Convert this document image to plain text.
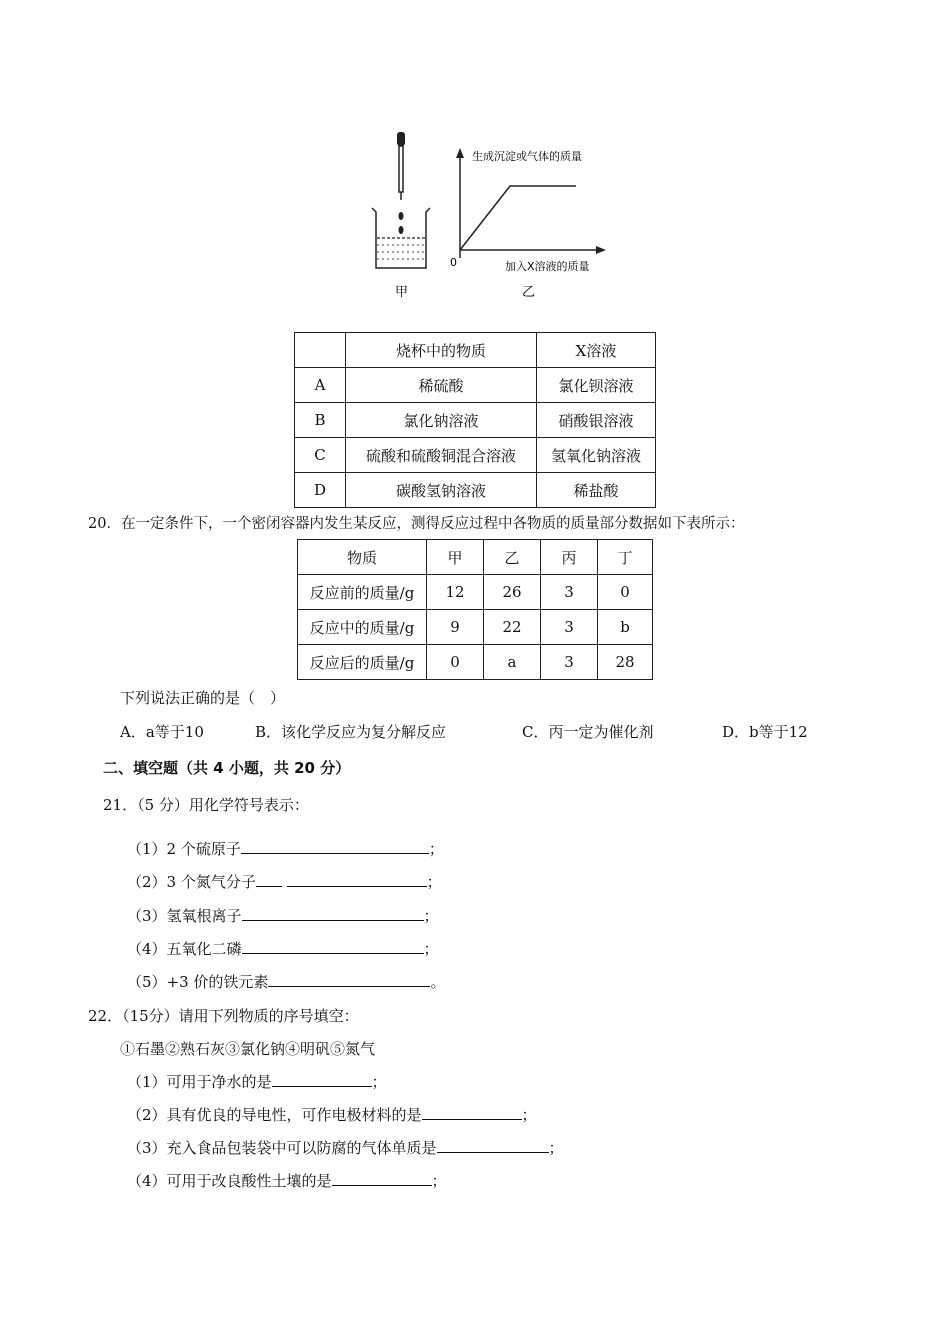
甲
生成沉淀或气体的质量
0	加入X溶液的质量
乙
	烧杯中的物质	X溶液
A	稀硫酸	氯化钡溶液
B	氯化钠溶液	硝酸银溶液
C	硫酸和硫酸铜混合溶液	氢氧化钠溶液
D	碳酸氢钠溶液	稀盐酸
20．在一定条件下，一个密闭容器内发生某反应，测得反应过程中各物质的质量部分数据如下表所示：
物质	甲	乙	丙	丁
反应前的质量/g	12	26	3	0
反应中的质量/g	9	22	3	b
反应后的质量/g	0	a	3	28
下列说法正确的是（　）
A．a等于10	B．该化学反应为复分解反应	C．丙一定为催化剂	D．b等于12
二、填空题（共 4 小题，共 20 分）
21．（5 分）用化学符号表示：
（1）2 个硫原子	；
（2）3 个氮气分子	；
（3）氢氧根离子	；
（4）五氧化二磷	；
（5）+3 价的铁元素	。
22．（15分）请用下列物质的序号填空：
①石墨②熟石灰③氯化钠④明矾⑤氮气
（1）可用于净水的是	；
（2）具有优良的导电性，可作电极材料的是	；
（3）充入食品包装袋中可以防腐的气体单质是	；
（4）可用于改良酸性土壤的是	；
